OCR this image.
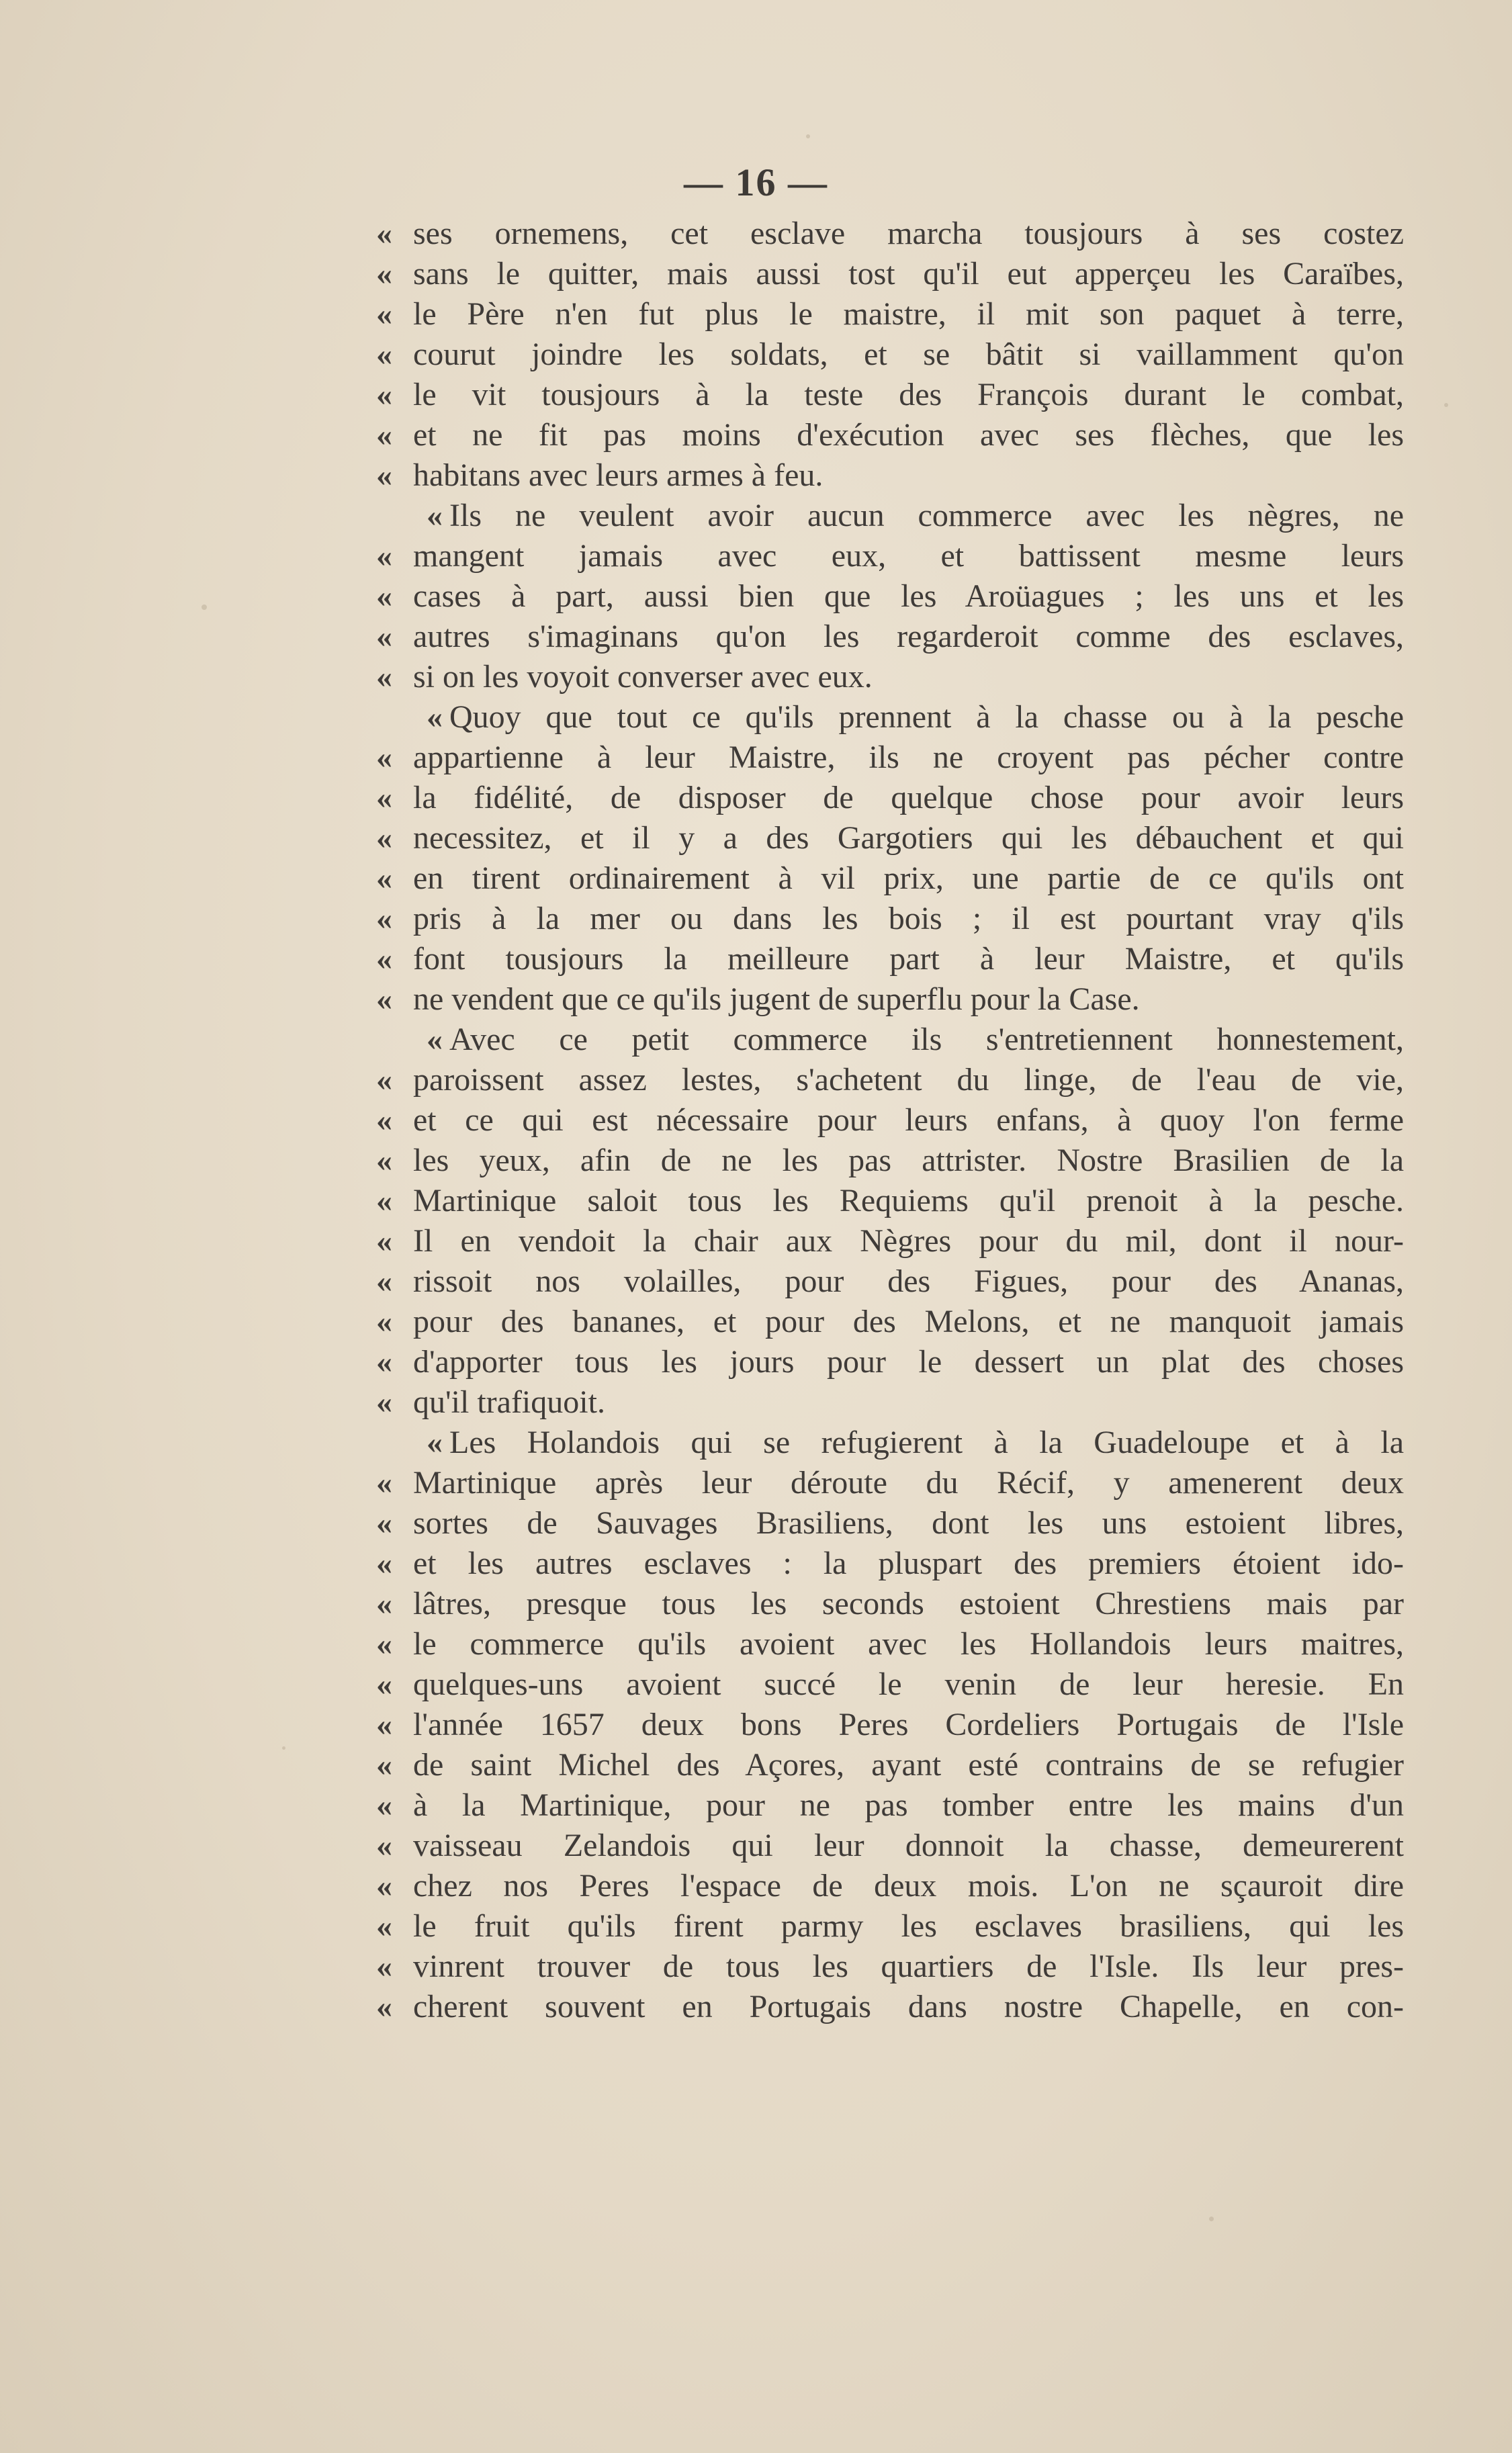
— 16 —
« ses ornemens, cet esclave marcha tousjours à ses costez
« sans le quitter, mais aussi tost qu'il eut apperçeu les Caraïbes,
« le Père n'en fut plus le maistre, il mit son paquet à terre,
« courut joindre les soldats, et se bâtit si vaillamment qu'on
« le vit tousjours à la teste des François durant le combat,
« et ne fit pas moins d'exécution avec ses flèches, que les
« habitans avec leurs armes à feu.
« Ils ne veulent avoir aucun commerce avec les nègres, ne
« mangent jamais avec eux, et battissent mesme leurs
« cases à part, aussi bien que les Aroüagues ; les uns et les
« autres s'imaginans qu'on les regarderoit comme des esclaves,
« si on les voyoit converser avec eux.
« Quoy que tout ce qu'ils prennent à la chasse ou à la pesche
« appartienne à leur Maistre, ils ne croyent pas pécher contre
« la fidélité, de disposer de quelque chose pour avoir leurs
« necessitez, et il y a des Gargotiers qui les débauchent et qui
« en tirent ordinairement à vil prix, une partie de ce qu'ils ont
« pris à la mer ou dans les bois ; il est pourtant vray q'ils
« font tousjours la meilleure part à leur Maistre, et qu'ils
« ne vendent que ce qu'ils jugent de superflu pour la Case.
« Avec ce petit commerce ils s'entretiennent honnestement,
« paroissent assez lestes, s'achetent du linge, de l'eau de vie,
« et ce qui est nécessaire pour leurs enfans, à quoy l'on ferme
« les yeux, afin de ne les pas attrister. Nostre Brasilien de la
« Martinique saloit tous les Requiems qu'il prenoit à la pesche.
« Il en vendoit la chair aux Nègres pour du mil, dont il nour-
« rissoit nos volailles, pour des Figues, pour des Ananas,
« pour des bananes, et pour des Melons, et ne manquoit jamais
« d'apporter tous les jours pour le dessert un plat des choses
« qu'il trafiquoit.
« Les Holandois qui se refugierent à la Guadeloupe et à la
« Martinique après leur déroute du Récif, y amenerent deux
« sortes de Sauvages Brasiliens, dont les uns estoient libres,
« et les autres esclaves : la pluspart des premiers étoient ido-
« lâtres, presque tous les seconds estoient Chrestiens mais par
« le commerce qu'ils avoient avec les Hollandois leurs maitres,
« quelques-uns avoient succé le venin de leur heresie. En
« l'année 1657 deux bons Peres Cordeliers Portugais de l'Isle
« de saint Michel des Açores, ayant esté contrains de se refugier
« à la Martinique, pour ne pas tomber entre les mains d'un
« vaisseau Zelandois qui leur donnoit la chasse, demeurerent
« chez nos Peres l'espace de deux mois. L'on ne sçauroit dire
« le fruit qu'ils firent parmy les esclaves brasiliens, qui les
« vinrent trouver de tous les quartiers de l'Isle. Ils leur pres-
« cherent souvent en Portugais dans nostre Chapelle, en con-
